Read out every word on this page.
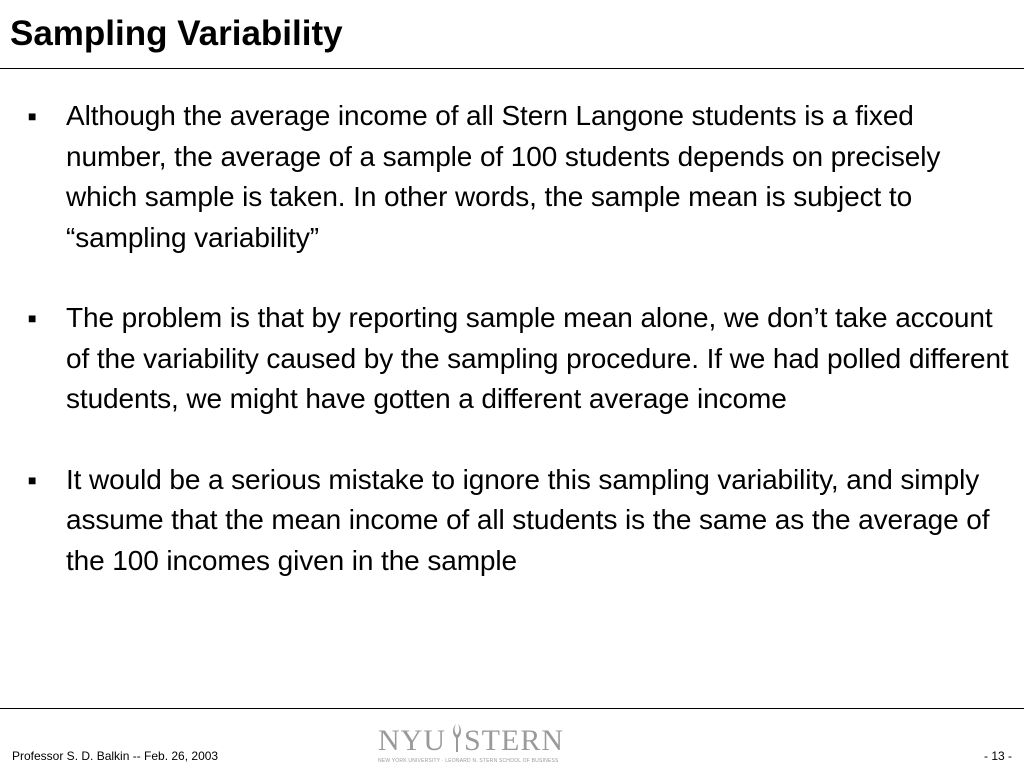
Sampling Variability
■	Although the average income of all Stern Langone students is a fixed number, the average of a sample of 100 students depends on precisely which sample is taken. In other words, the sample mean is subject to “sampling variability”
■	The problem is that by reporting sample mean alone, we don’t take account of the variability caused by the sampling procedure. If we had polled different students, we might have gotten a different average income
■	It would be a serious mistake to ignore this sampling variability, and simply assume that the mean income of all students is the same as the average of the 100 incomes given in the sample
Professor S. D. Balkin -- Feb. 26, 2003	NYU STERN
NEW YORK UNIVERSITY · LEONARD N. STERN SCHOOL OF BUSINESS	- 13 -
